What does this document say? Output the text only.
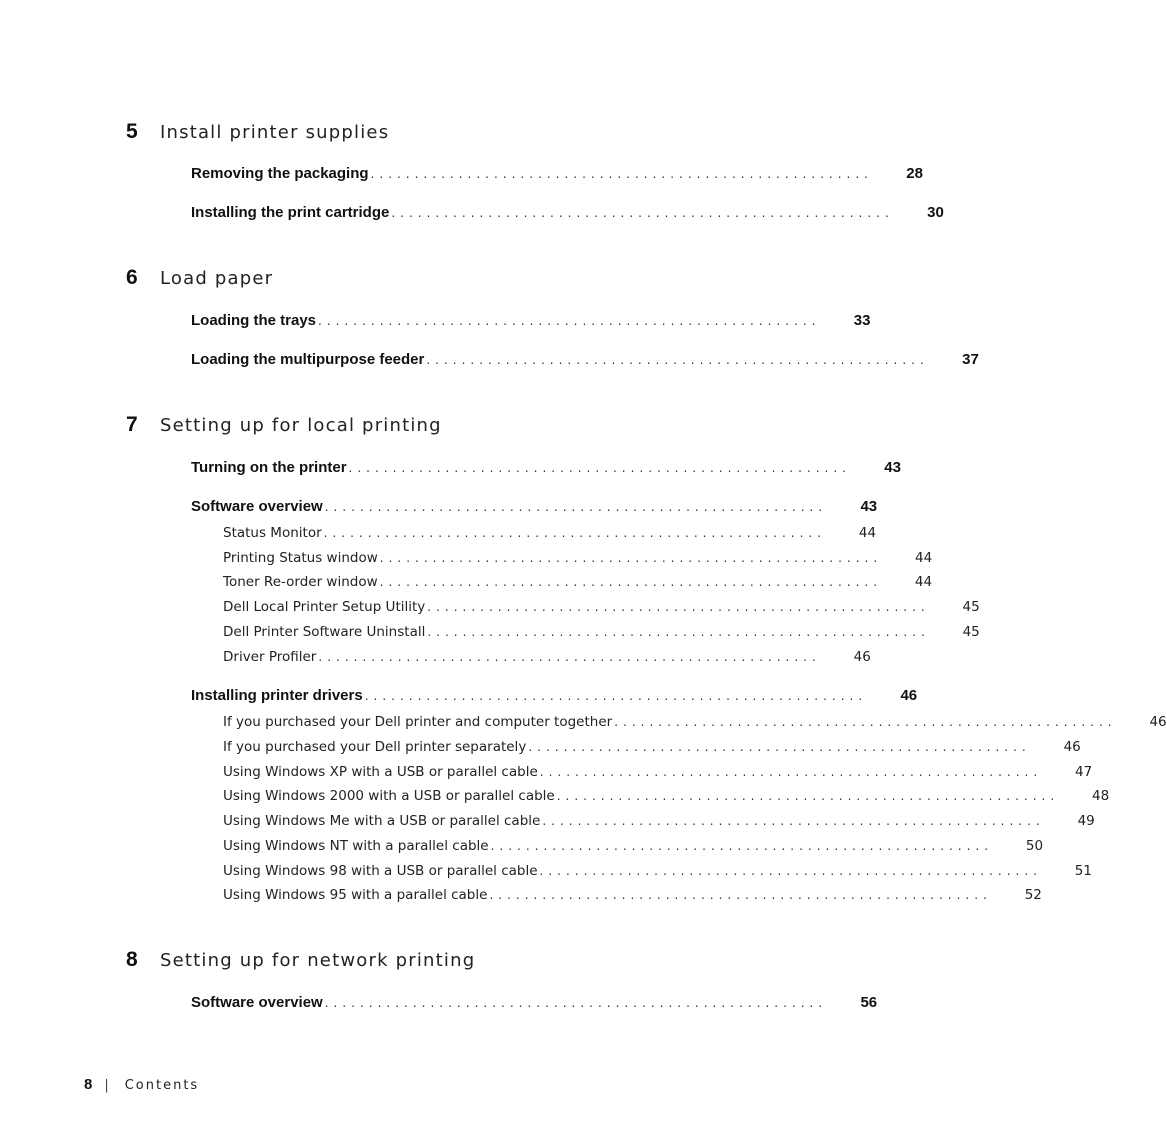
5	Install printer supplies
Removing the packaging ......................................................... 28
Installing the print cartridge ......................................................... 30
6	Load paper
Loading the trays ......................................................... 33
Loading the multipurpose feeder ......................................................... 37
7	Setting up for local printing
Turning on the printer ......................................................... 43
Software overview ......................................................... 43
Status Monitor ......................................................... 44
Printing Status window ......................................................... 44
Toner Re-order window ......................................................... 44
Dell Local Printer Setup Utility ......................................................... 45
Dell Printer Software Uninstall ......................................................... 45
Driver Profiler ......................................................... 46
Installing printer drivers ......................................................... 46
If you purchased your Dell printer and computer together ......................................................... 46
If you purchased your Dell printer separately ......................................................... 46
Using Windows XP with a USB or parallel cable ......................................................... 47
Using Windows 2000 with a USB or parallel cable ......................................................... 48
Using Windows Me with a USB or parallel cable ......................................................... 49
Using Windows NT with a parallel cable ......................................................... 50
Using Windows 98 with a USB or parallel cable ......................................................... 51
Using Windows 95 with a parallel cable ......................................................... 52
8	Setting up for network printing
Software overview ......................................................... 56
8 | Contents
